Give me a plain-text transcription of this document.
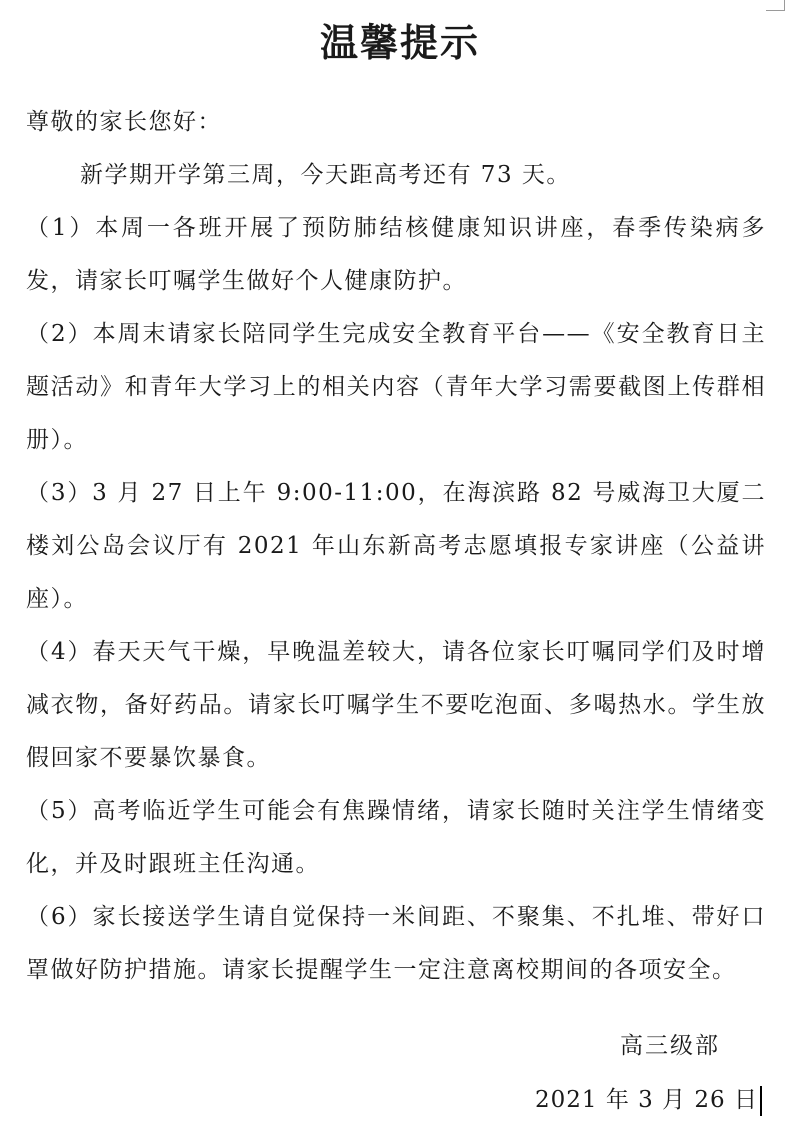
温馨提示

尊敬的家长您好：

新学期开学第三周，今天距高考还有 73 天。

（1）本周一各班开展了预防肺结核健康知识讲座，春季传染病多发，请家长叮嘱学生做好个人健康防护。

（2）本周末请家长陪同学生完成安全教育平台——《安全教育日主题活动》和青年大学习上的相关内容（青年大学习需要截图上传群相册）。

（3）3 月 27 日上午 9:00-11:00，在海滨路 82 号威海卫大厦二楼刘公岛会议厅有 2021 年山东新高考志愿填报专家讲座（公益讲座）。

（4）春天天气干燥，早晚温差较大，请各位家长叮嘱同学们及时增减衣物，备好药品。请家长叮嘱学生不要吃泡面、多喝热水。学生放假回家不要暴饮暴食。

（5）高考临近学生可能会有焦躁情绪，请家长随时关注学生情绪变化，并及时跟班主任沟通。

（6）家长接送学生请自觉保持一米间距、不聚集、不扎堆、带好口罩做好防护措施。请家长提醒学生一定注意离校期间的各项安全。

高三级部
2021 年 3 月 26 日
